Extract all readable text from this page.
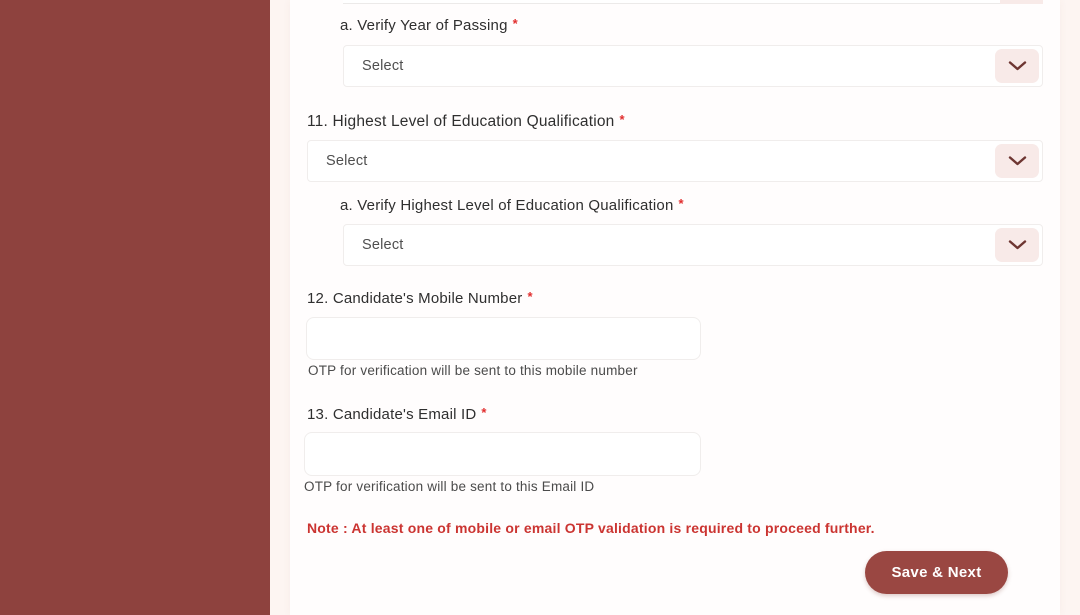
a. Verify Year of Passing *
Select
11. Highest Level of Education Qualification *
Select
a. Verify Highest Level of Education Qualification *
Select
12. Candidate's Mobile Number *
OTP for verification will be sent to this mobile number
13. Candidate's Email ID *
OTP for verification will be sent to this Email ID
Note : At least one of mobile or email OTP validation is required to proceed further.
Save & Next
